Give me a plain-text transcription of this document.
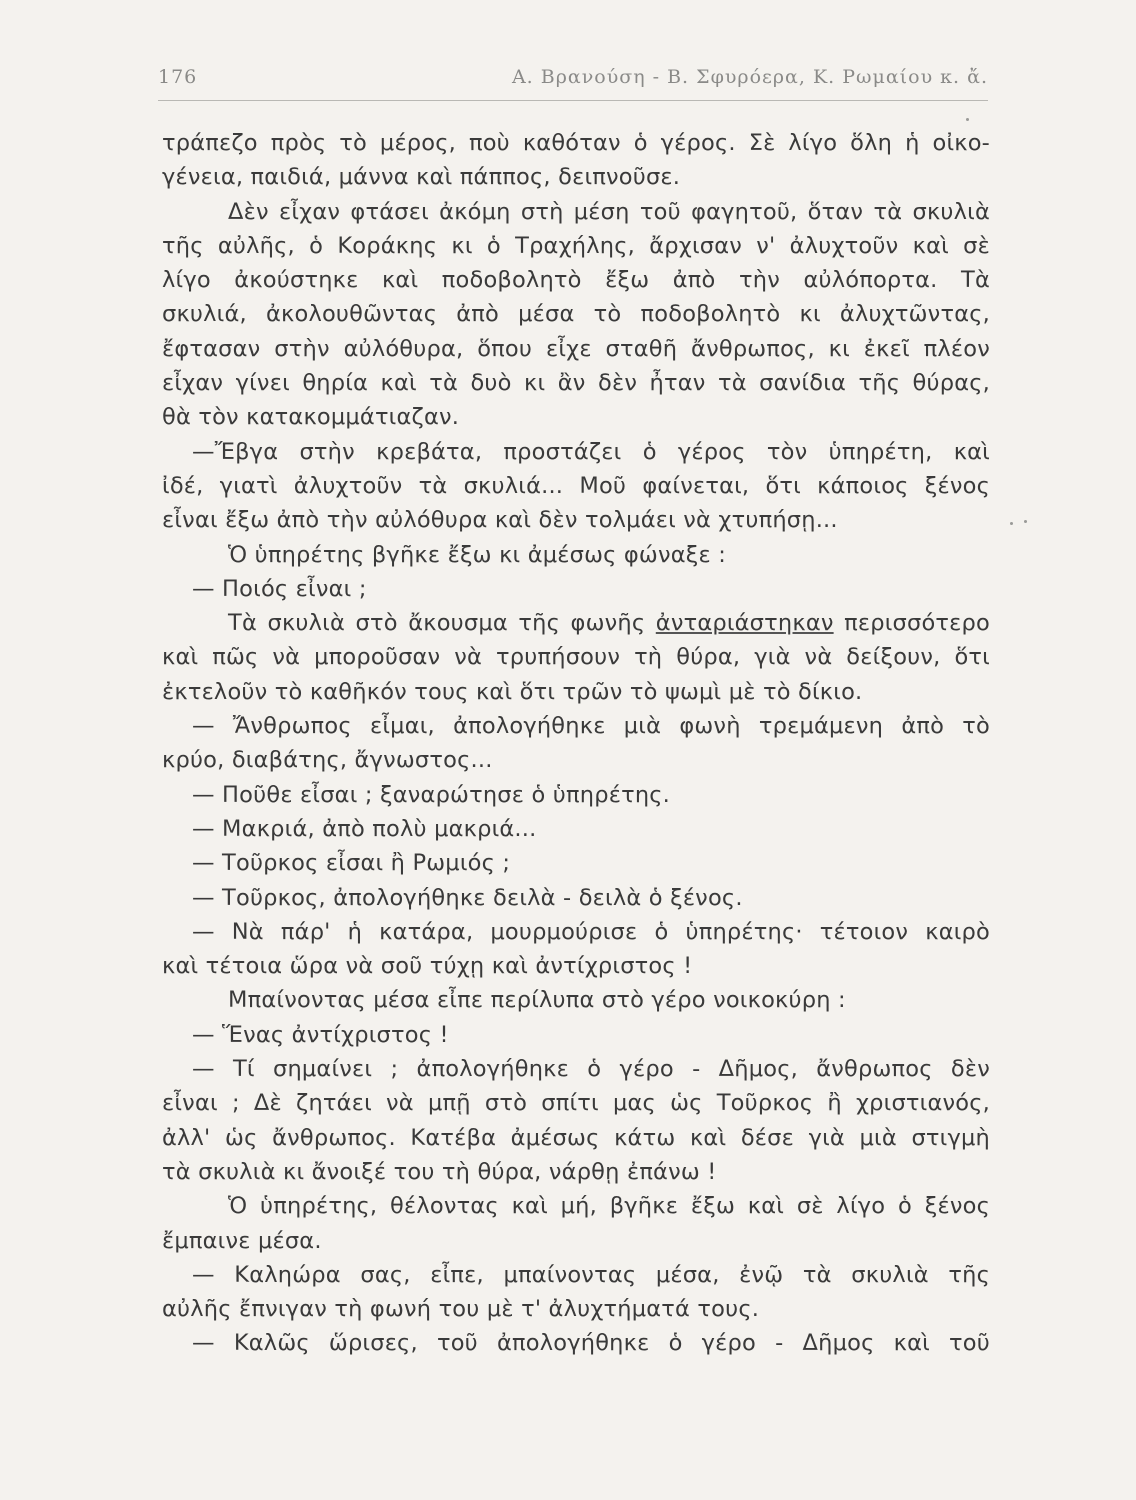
176	Α. Βρανούση - Β. Σφυρόερα, Κ. Ρωμαίου κ. ἄ.
τράπεζο πρὸς τὸ μέρος, ποὺ καθόταν ὁ γέρος. Σὲ λίγο ὅλη ἡ οἰκο-
γένεια, παιδιά, μάννα καὶ πάππος, δειπνοῦσε.
Δὲν εἶχαν φτάσει ἀκόμη στὴ μέση τοῦ φαγητοῦ, ὅταν τὰ σκυλιὰ
τῆς αὐλῆς, ὁ Κοράκης κι ὁ Τραχήλης, ἄρχισαν ν' ἀλυχτοῦν καὶ σὲ
λίγο ἀκούστηκε καὶ ποδοβολητὸ ἔξω ἀπὸ τὴν αὐλόπορτα. Τὰ
σκυλιά, ἀκολουθῶντας ἀπὸ μέσα τὸ ποδοβολητὸ κι ἀλυχτῶντας,
ἔφτασαν στὴν αὐλόθυρα, ὅπου εἶχε σταθῆ ἄνθρωπος, κι ἐκεῖ πλέον
εἶχαν γίνει θηρία καὶ τὰ δυὸ κι ἂν δὲν ἦταν τὰ σανίδια τῆς θύρας,
θὰ τὸν κατακομμάτιαζαν.
—Ἔβγα στὴν κρεβάτα, προστάζει ὁ γέρος τὸν ὑπηρέτη, καὶ
ἰδέ, γιατὶ ἀλυχτοῦν τὰ σκυλιά... Μοῦ φαίνεται, ὅτι κάποιος ξένος
εἶναι ἔξω ἀπὸ τὴν αὐλόθυρα καὶ δὲν τολμάει νὰ χτυπήσῃ...
Ὁ ὑπηρέτης βγῆκε ἔξω κι ἀμέσως φώναξε :
— Ποιός εἶναι ;
Τὰ σκυλιὰ στὸ ἄκουσμα τῆς φωνῆς ἀνταριάστηκαν περισσότερο
καὶ πῶς νὰ μποροῦσαν νὰ τρυπήσουν τὴ θύρα, γιὰ νὰ δείξουν, ὅτι
ἐκτελοῦν τὸ καθῆκόν τους καὶ ὅτι τρῶν τὸ ψωμὶ μὲ τὸ δίκιο.
— Ἄνθρωπος εἶμαι, ἀπολογήθηκε μιὰ φωνὴ τρεμάμενη ἀπὸ τὸ
κρύο, διαβάτης, ἄγνωστος...
— Ποῦθε εἶσαι ; ξαναρώτησε ὁ ὑπηρέτης.
— Μακριά, ἀπὸ πολὺ μακριά...
— Τοῦρκος εἶσαι ἢ Ρωμιός ;
— Τοῦρκος, ἀπολογήθηκε δειλὰ - δειλὰ ὁ ξένος.
— Νὰ πάρ' ἡ κατάρα, μουρμούρισε ὁ ὑπηρέτης· τέτοιον καιρὸ
καὶ τέτοια ὥρα νὰ σοῦ τύχῃ καὶ ἀντίχριστος !
Μπαίνοντας μέσα εἶπε περίλυπα στὸ γέρο νοικοκύρη :
— Ἕνας ἀντίχριστος !
— Τί σημαίνει ; ἀπολογήθηκε ὁ γέρο - Δῆμος, ἄνθρωπος δὲν
εἶναι ; Δὲ ζητάει νὰ μπῇ στὸ σπίτι μας ὡς Τοῦρκος ἢ χριστιανός,
ἀλλ' ὡς ἄνθρωπος. Κατέβα ἀμέσως κάτω καὶ δέσε γιὰ μιὰ στιγμὴ
τὰ σκυλιὰ κι ἄνοιξέ του τὴ θύρα, νάρθῃ ἐπάνω !
Ὁ ὑπηρέτης, θέλοντας καὶ μή, βγῆκε ἔξω καὶ σὲ λίγο ὁ ξένος
ἔμπαινε μέσα.
— Καληώρα σας, εἶπε, μπαίνοντας μέσα, ἐνῷ τὰ σκυλιὰ τῆς
αὐλῆς ἔπνιγαν τὴ φωνή του μὲ τ' ἀλυχτήματά τους.
— Καλῶς ὥρισες, τοῦ ἀπολογήθηκε ὁ γέρο - Δῆμος καὶ τοῦ
